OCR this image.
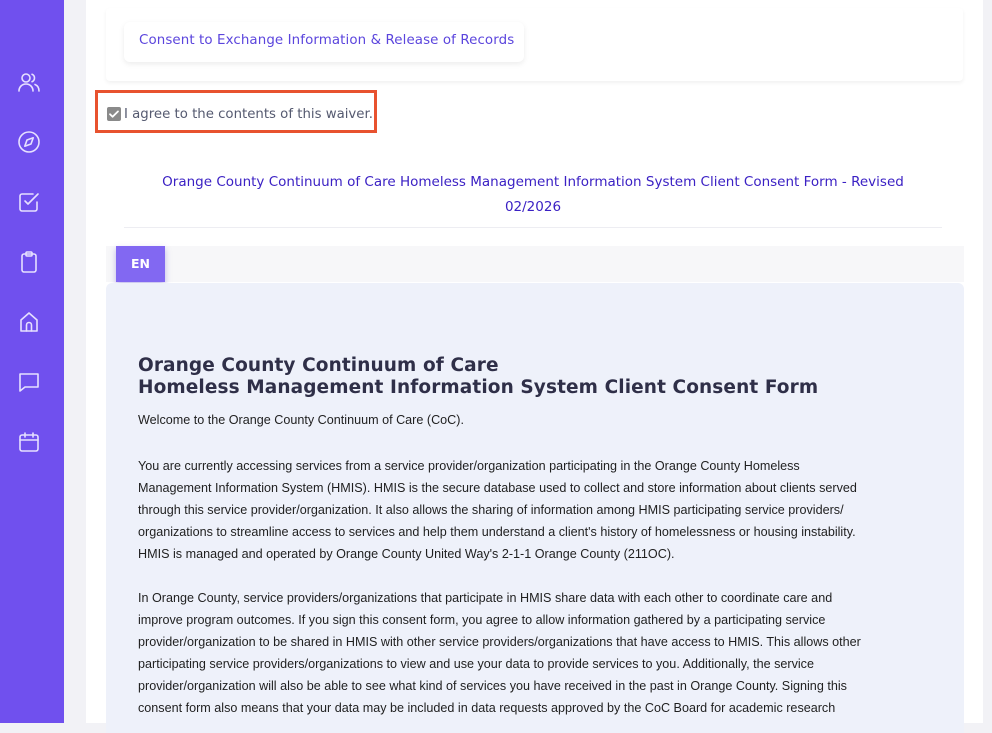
Consent to Exchange Information & Release of Records
I agree to the contents of this waiver.
Orange County Continuum of Care Homeless Management Information System Client Consent Form - Revised
02/2026
EN
Orange County Continuum of Care
Homeless Management Information System Client Consent Form
Welcome to the Orange County Continuum of Care (CoC).
You are currently accessing services from a service provider/organization participating in the Orange County Homeless
Management Information System (HMIS). HMIS is the secure database used to collect and store information about clients served
through this service provider/organization. It also allows the sharing of information among HMIS participating service providers/
organizations to streamline access to services and help them understand a client's history of homelessness or housing instability.
HMIS is managed and operated by Orange County United Way's 2-1-1 Orange County (211OC).
In Orange County, service providers/organizations that participate in HMIS share data with each other to coordinate care and
improve program outcomes. If you sign this consent form, you agree to allow information gathered by a participating service
provider/organization to be shared in HMIS with other service providers/organizations that have access to HMIS. This allows other
participating service providers/organizations to view and use your data to provide services to you. Additionally, the service
provider/organization will also be able to see what kind of services you have received in the past in Orange County. Signing this
consent form also means that your data may be included in data requests approved by the CoC Board for academic research
